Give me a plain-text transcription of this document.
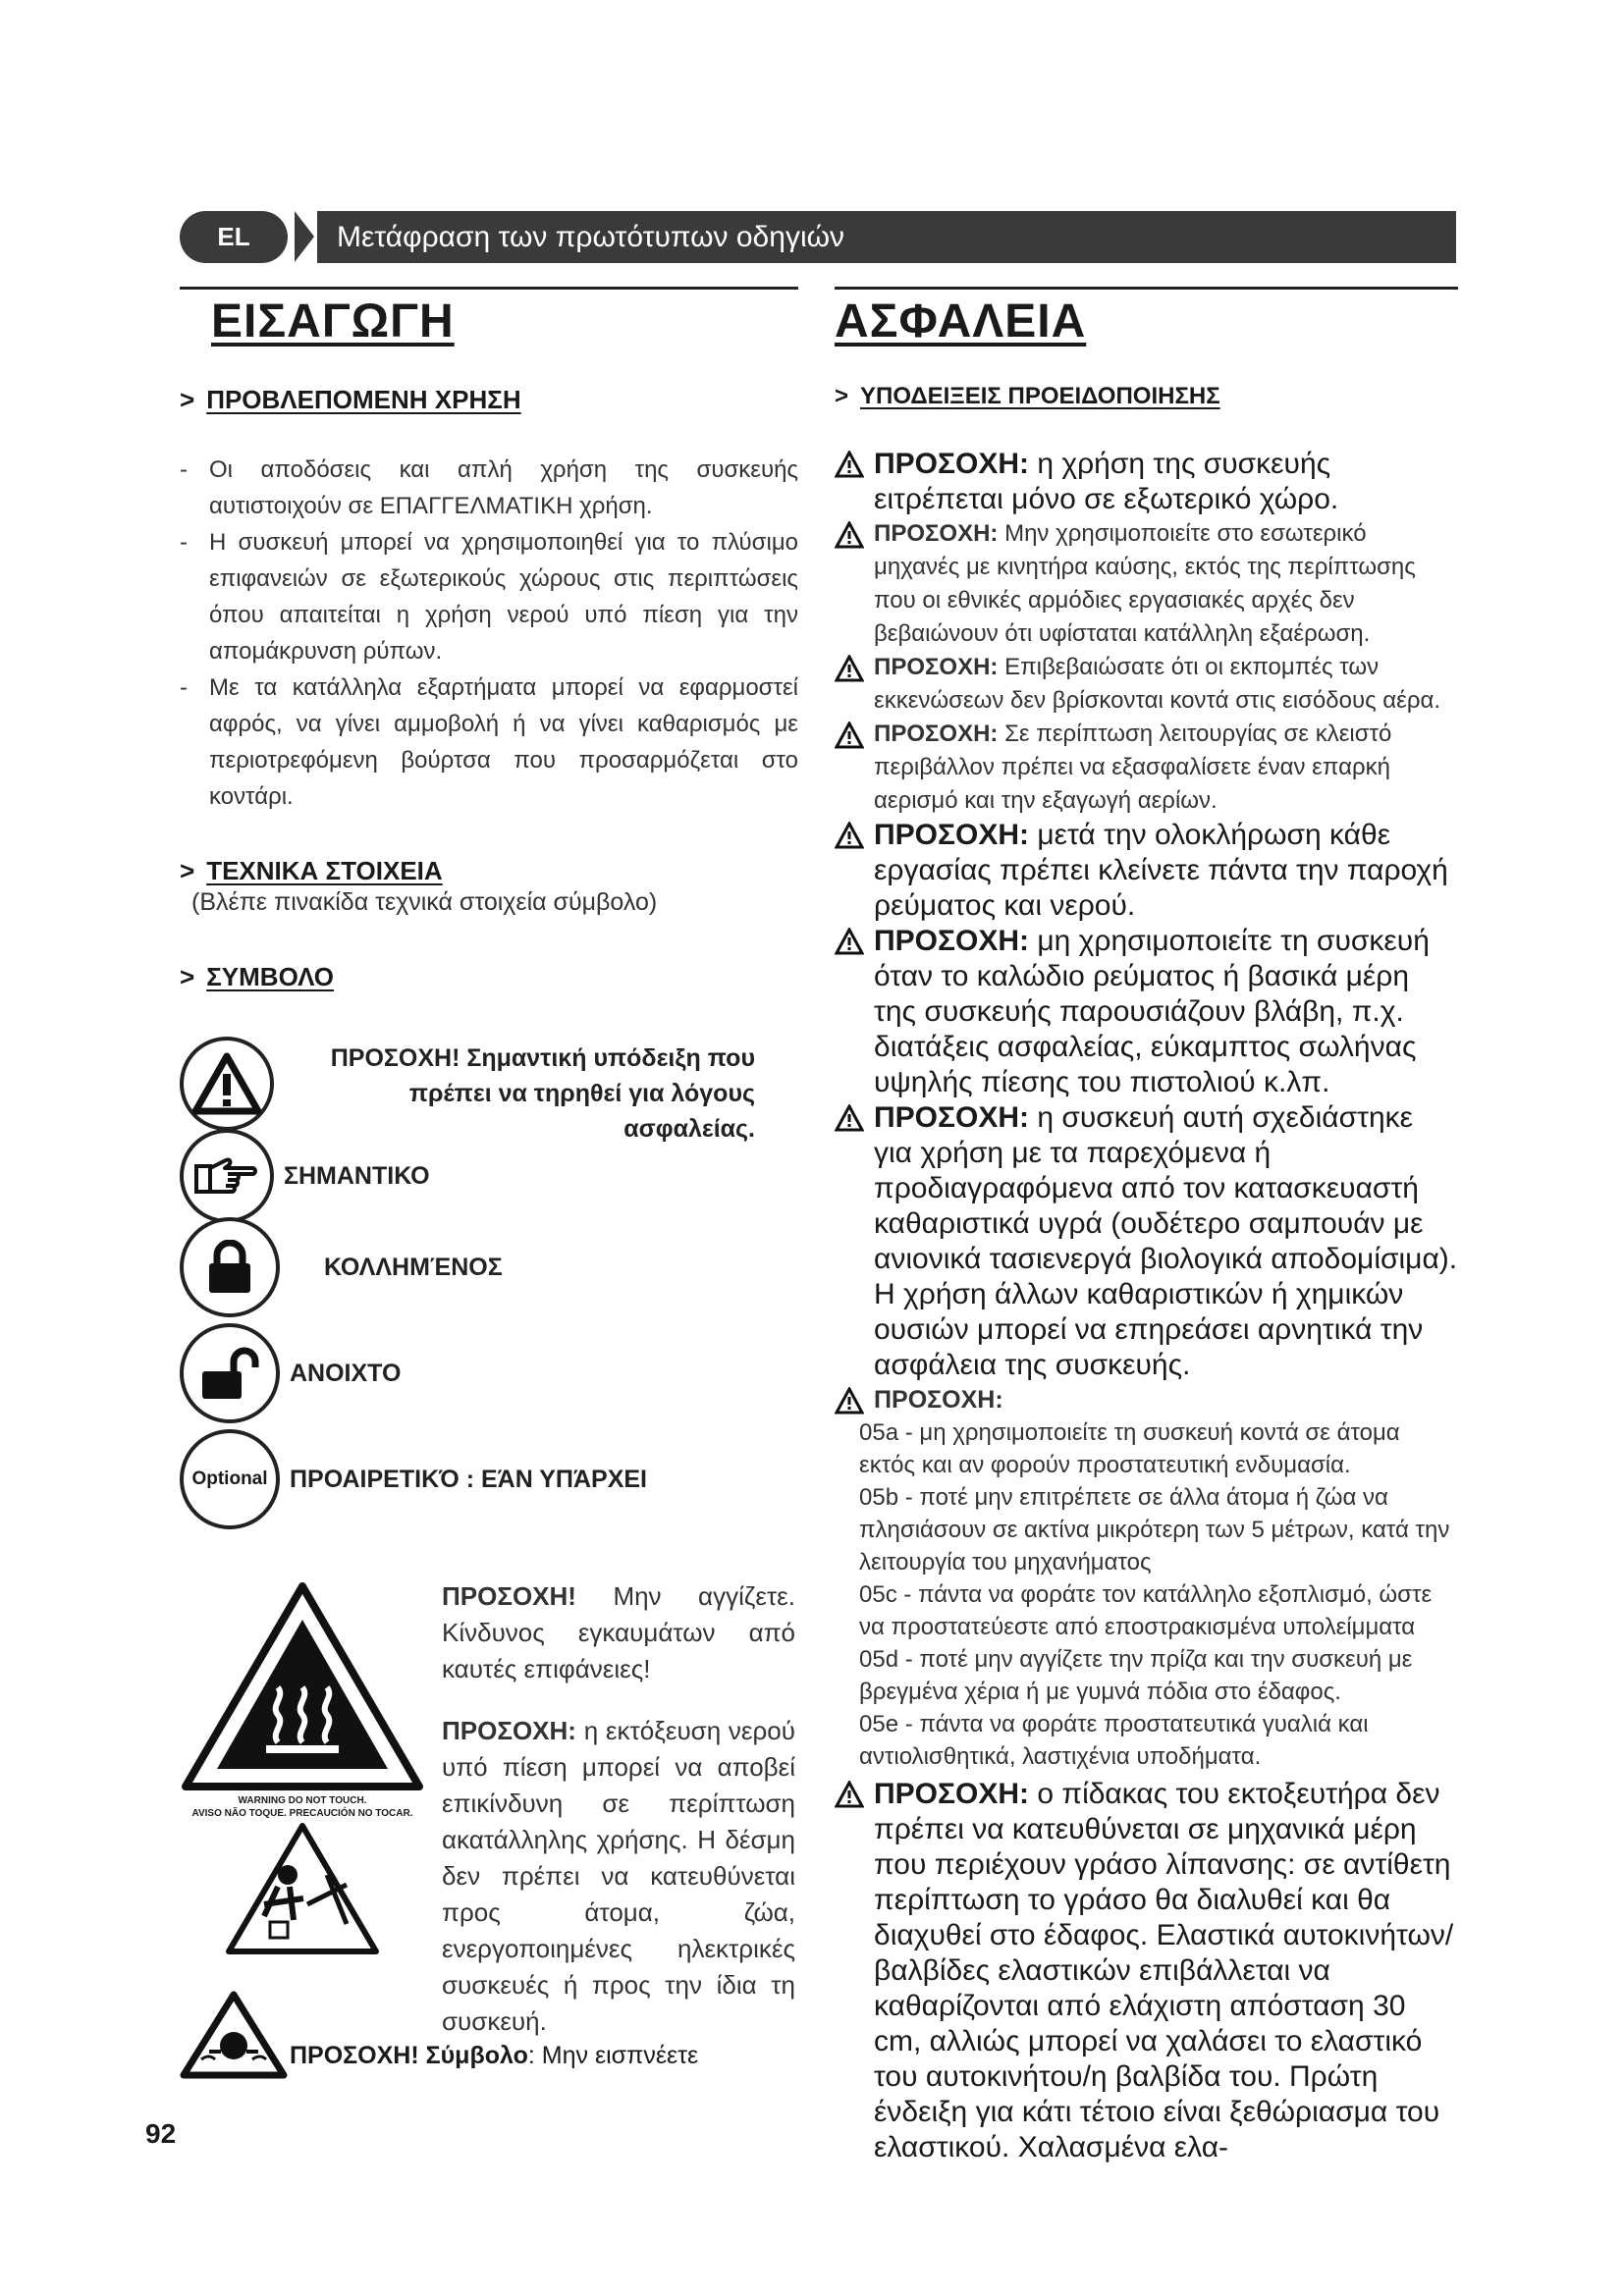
EL	Μετάφραση των πρωτότυπων οδηγιών
ΕΙΣΑΓΩΓΗ
> ΠΡΟΒΛΕΠΟΜΕΝΗ ΧΡΗΣΗ
- Οι αποδόσεις και απλή χρήση της συσκευής αυτιστοιχούν σε ΕΠΑΓΓΕΛΜΑΤΙΚΗ χρήση.
- Η συσκευή μπορεί να χρησιμοποιηθεί για το πλύσιμο επιφανειών σε εξωτερικούς χώρους στις περιπτώσεις όπου απαιτείται η χρήση νερού υπό πίεση για την απομάκρυνση ρύπων.
- Με τα κατάλληλα εξαρτήματα μπορεί να εφαρμοστεί αφρός, να γίνει αμμοβολή ή να γίνει καθαρισμός με περιοτρεφόμενη βούρτσα που προσαρμόζεται στο κοντάρι.
> ΤΕΧΝΙΚΑ ΣΤΟΙΧΕΙΑ
(Βλέπε πινακίδα τεχνικά στοιχεία σύμβολο)
> ΣΥΜΒΟΛΟ
ΠΡΟΣΟΧΗ! Σημαντική υπόδειξη που πρέπει να τηρηθεί για λόγους ασφαλείας.
ΣΗΜΑΝΤΙΚΟ
ΚΟΛΛΗΜΈΝΟΣ
ΑΝΟΙΧΤΟ
Optional ΠΡΟΑΙΡΕΤΙΚΌ : ΕΆΝ ΥΠΆΡΧΕΙ
WARNING DO NOT TOUCH.
AVISO NÃO TOQUE. PRECAUCIÓN NO TOCAR.
ΠΡΟΣΟΧΗ! Μην αγγίζετε. Κίνδυνος εγκαυμάτων από καυτές επιφάνειες!
ΠΡΟΣΟΧΗ: η εκτόξευση νερού υπό πίεση μπορεί να αποβεί επικίνδυνη σε περίπτωση ακατάλληλης χρήσης. Η δέσμη δεν πρέπει να κατευθύνεται προς άτομα, ζώα, ενεργοποιημένες ηλεκτρικές συσκευές ή προς την ίδια τη συσκευή.
ΠΡΟΣΟΧΗ! Σύμβολο: Μην εισπνέετε
ΑΣΦΑΛΕΙΑ
> ΥΠΟΔΕΙΞΕΙΣ ΠΡΟΕΙΔΟΠΟΙΗΣΗΣ
ΠΡΟΣΟΧΗ: η χρήση της συσκευής ειτρέπεται μόνο σε εξωτερικό χώρο.
ΠΡΟΣΟΧΗ: Μην χρησιμοποιείτε στο εσωτερικό μηχανές με κινητήρα καύσης, εκτός της περίπτωσης που οι εθνικές αρμόδιες εργασιακές αρχές δεν βεβαιώνουν ότι υφίσταται κατάλληλη εξαέρωση.
ΠΡΟΣΟΧΗ: Επιβεβαιώσατε ότι οι εκπομπές των εκκενώσεων δεν βρίσκονται κοντά στις εισόδους αέρα.
ΠΡΟΣΟΧΗ: Σε περίπτωση λειτουργίας σε κλειστό περιβάλλον πρέπει να εξασφαλίσετε έναν επαρκή αερισμό και την εξαγωγή αερίων.
ΠΡΟΣΟΧΗ: μετά την ολοκλήρωση κάθε εργασίας πρέπει κλείνετε πάντα την παροχή ρεύματος και νερού.
ΠΡΟΣΟΧΗ: μη χρησιμοποιείτε τη συσκευή όταν το καλώδιο ρεύματος ή βασικά μέρη της συσκευής παρουσιάζουν βλάβη, π.χ. διατάξεις ασφαλείας, εύκαμπτος σωλήνας υψηλής πίεσης του πιστολιού κ.λπ.
ΠΡΟΣΟΧΗ: η συσκευή αυτή σχεδιάστηκε για χρήση με τα παρεχόμενα ή προδιαγραφόμενα από τον κατασκευαστή καθαριστικά υγρά (ουδέτερο σαμπουάν με ανιονικά τασιενεργά βιολογικά αποδομίσιμα). Η χρήση άλλων καθαριστικών ή χημικών ουσιών μπορεί να επηρεάσει αρνητικά την ασφάλεια της συσκευής.
ΠΡΟΣΟΧΗ:
05a - μη χρησιμοποιείτε τη συσκευή κοντά σε άτομα εκτός και αν φορούν προστατευτική ενδυμασία.
05b - ποτέ μην επιτρέπετε σε άλλα άτομα ή ζώα να πλησιάσουν σε ακτίνα μικρότερη των 5 μέτρων, κατά την λειτουργία του μηχανήματος
05c - πάντα να φοράτε τον κατάλληλο εξοπλισμό, ώστε να προστατεύεστε από εποστρακισμένα υπολείμματα
05d - ποτέ μην αγγίζετε την πρίζα και την συσκευή με βρεγμένα χέρια ή με γυμνά πόδια στο έδαφος.
05e - πάντα να φοράτε προστατευτικά γυαλιά και αντιολισθητικά, λαστιχένια υποδήματα.
ΠΡΟΣΟΧΗ: ο πίδακας του εκτοξευτήρα δεν πρέπει να κατευθύνεται σε μηχανικά μέρη που περιέχουν γράσο λίπανσης: σε αντίθετη περίπτωση το γράσο θα διαλυθεί και θα διαχυθεί στο έδαφος. Ελαστικά αυτοκινήτων/βαλβίδες ελαστικών επιβάλλεται να καθαρίζονται από ελάχιστη απόσταση 30 cm, αλλιώς μπορεί να χαλάσει το ελαστικό του αυτοκινήτου/η βαλβίδα του. Πρώτη ένδειξη για κάτι τέτοιο είναι ξεθώριασμα του ελαστικού. Χαλασμένα ελα-
92
